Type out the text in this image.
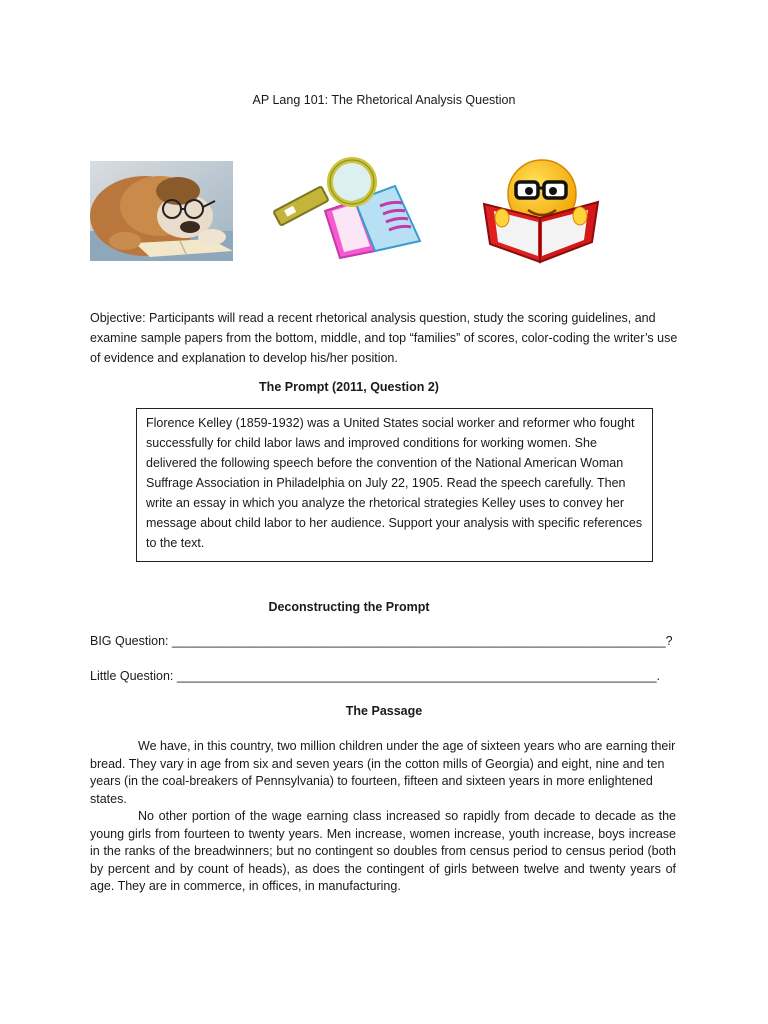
AP Lang 101: The Rhetorical Analysis Question
Objective: Participants will read a recent rhetorical analysis question, study the scoring guidelines, and examine sample papers from the bottom, middle, and top “families” of scores, color-coding the writer’s use of evidence and explanation to develop his/her position.
The Prompt (2011, Question 2)
Florence Kelley (1859-1932) was a United States social worker and reformer who fought successfully for child labor laws and improved conditions for working women. She delivered the following speech before the convention of the National American Woman Suffrage Association in Philadelphia on July 22, 1905. Read the speech carefully. Then write an essay in which you analyze the rhetorical strategies Kelley uses to convey her message about child labor to her audience. Support your analysis with specific references to the text.
Deconstructing the Prompt
BIG Question: _______________________________________________________________________?
Little Question: _____________________________________________________________________.
The Passage

We have, in this country, two million children under the age of sixteen years who are earning their bread. They vary in age from six and seven years (in the cotton mills of Georgia) and eight, nine and ten years (in the coal-breakers of Pennsylvania) to fourteen, fifteen and sixteen years in more enlightened states.

No other portion of the wage earning class increased so rapidly from decade to decade as the young girls from fourteen to twenty years. Men increase, women increase, youth increase, boys increase in the ranks of the breadwinners; but no contingent so doubles from census period to census period (both by percent and by count of heads), as does the contingent of girls between twelve and twenty years of age. They are in commerce, in offices, in manufacturing.
